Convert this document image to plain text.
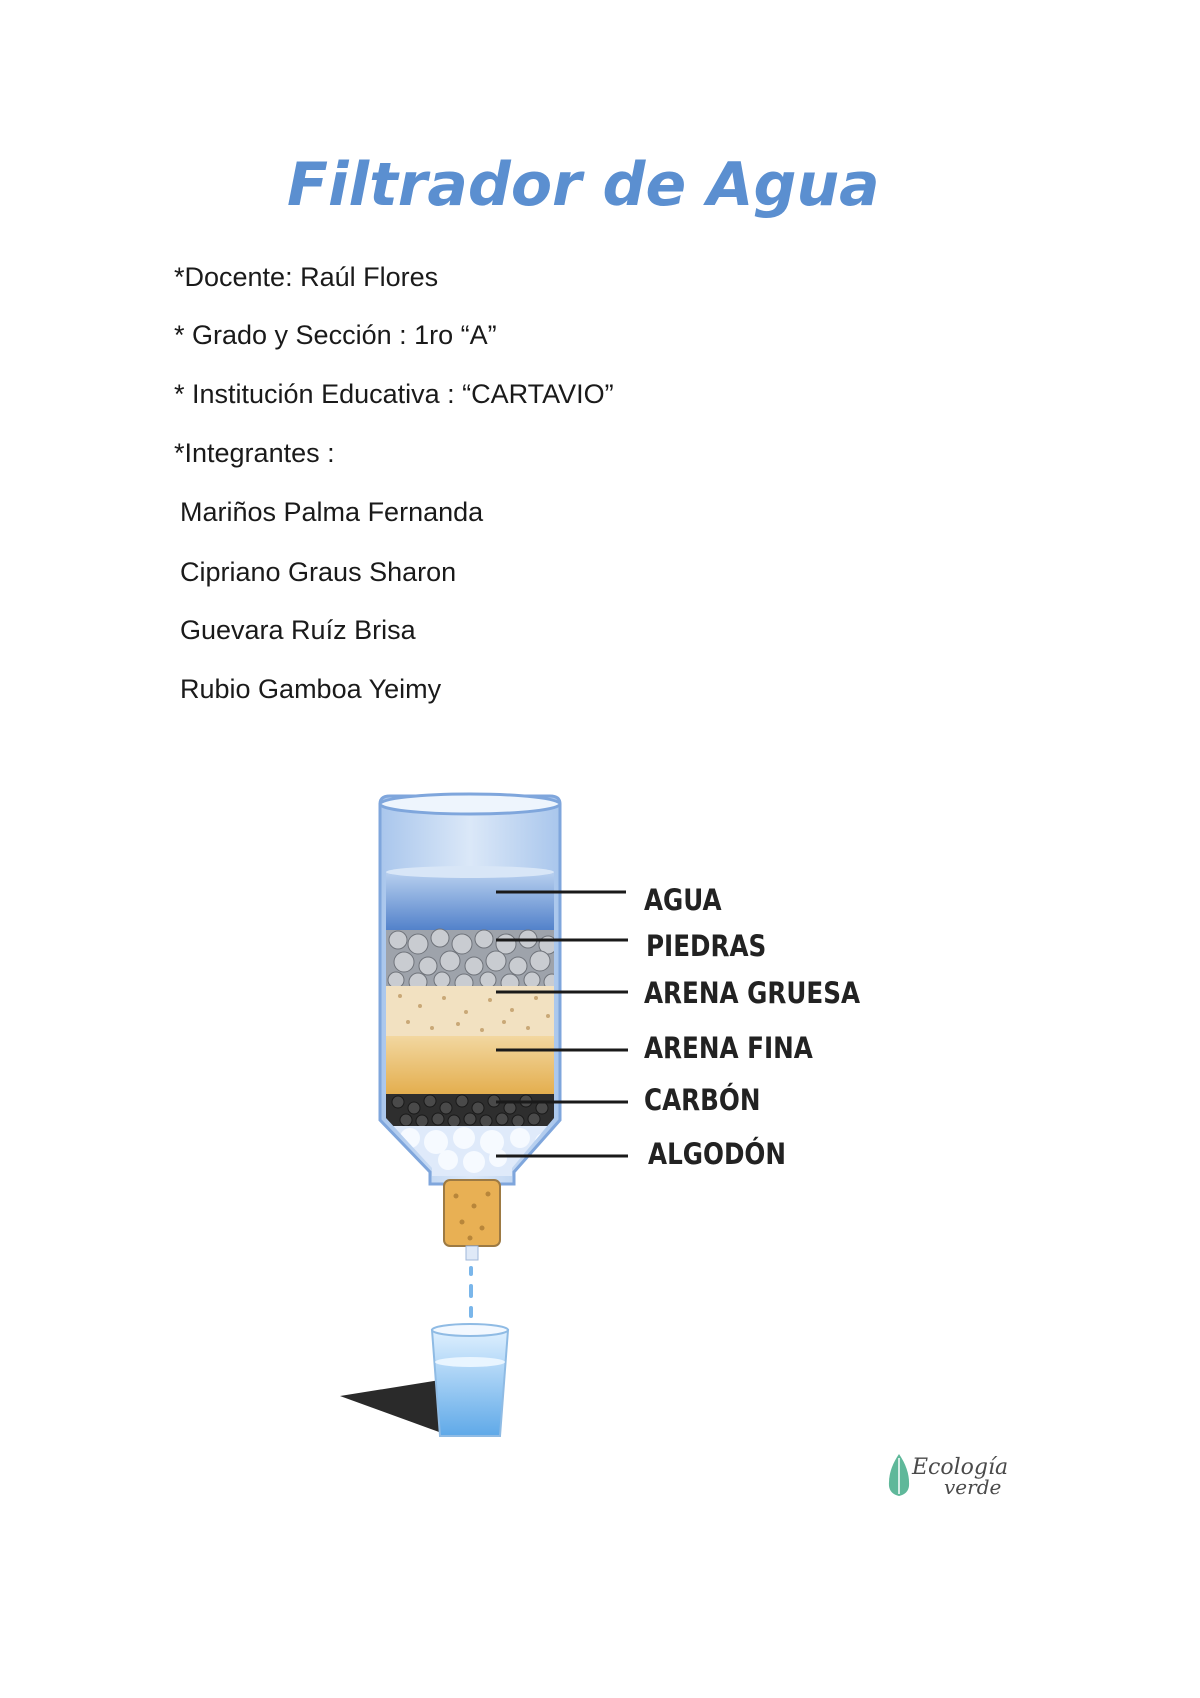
Filtrador de Agua
*Docente: Raúl Flores
* Grado y Sección : 1ro “A”
* Institución Educativa : “CARTAVIO”
*Integrantes :
Mariños Palma Fernanda
Cipriano Graus Sharon
Guevara Ruíz Brisa
Rubio Gamboa Yeimy
AGUA
PIEDRAS
ARENA GRUESA
ARENA FINA
CARBÓN
ALGODÓN
Ecología
verde
